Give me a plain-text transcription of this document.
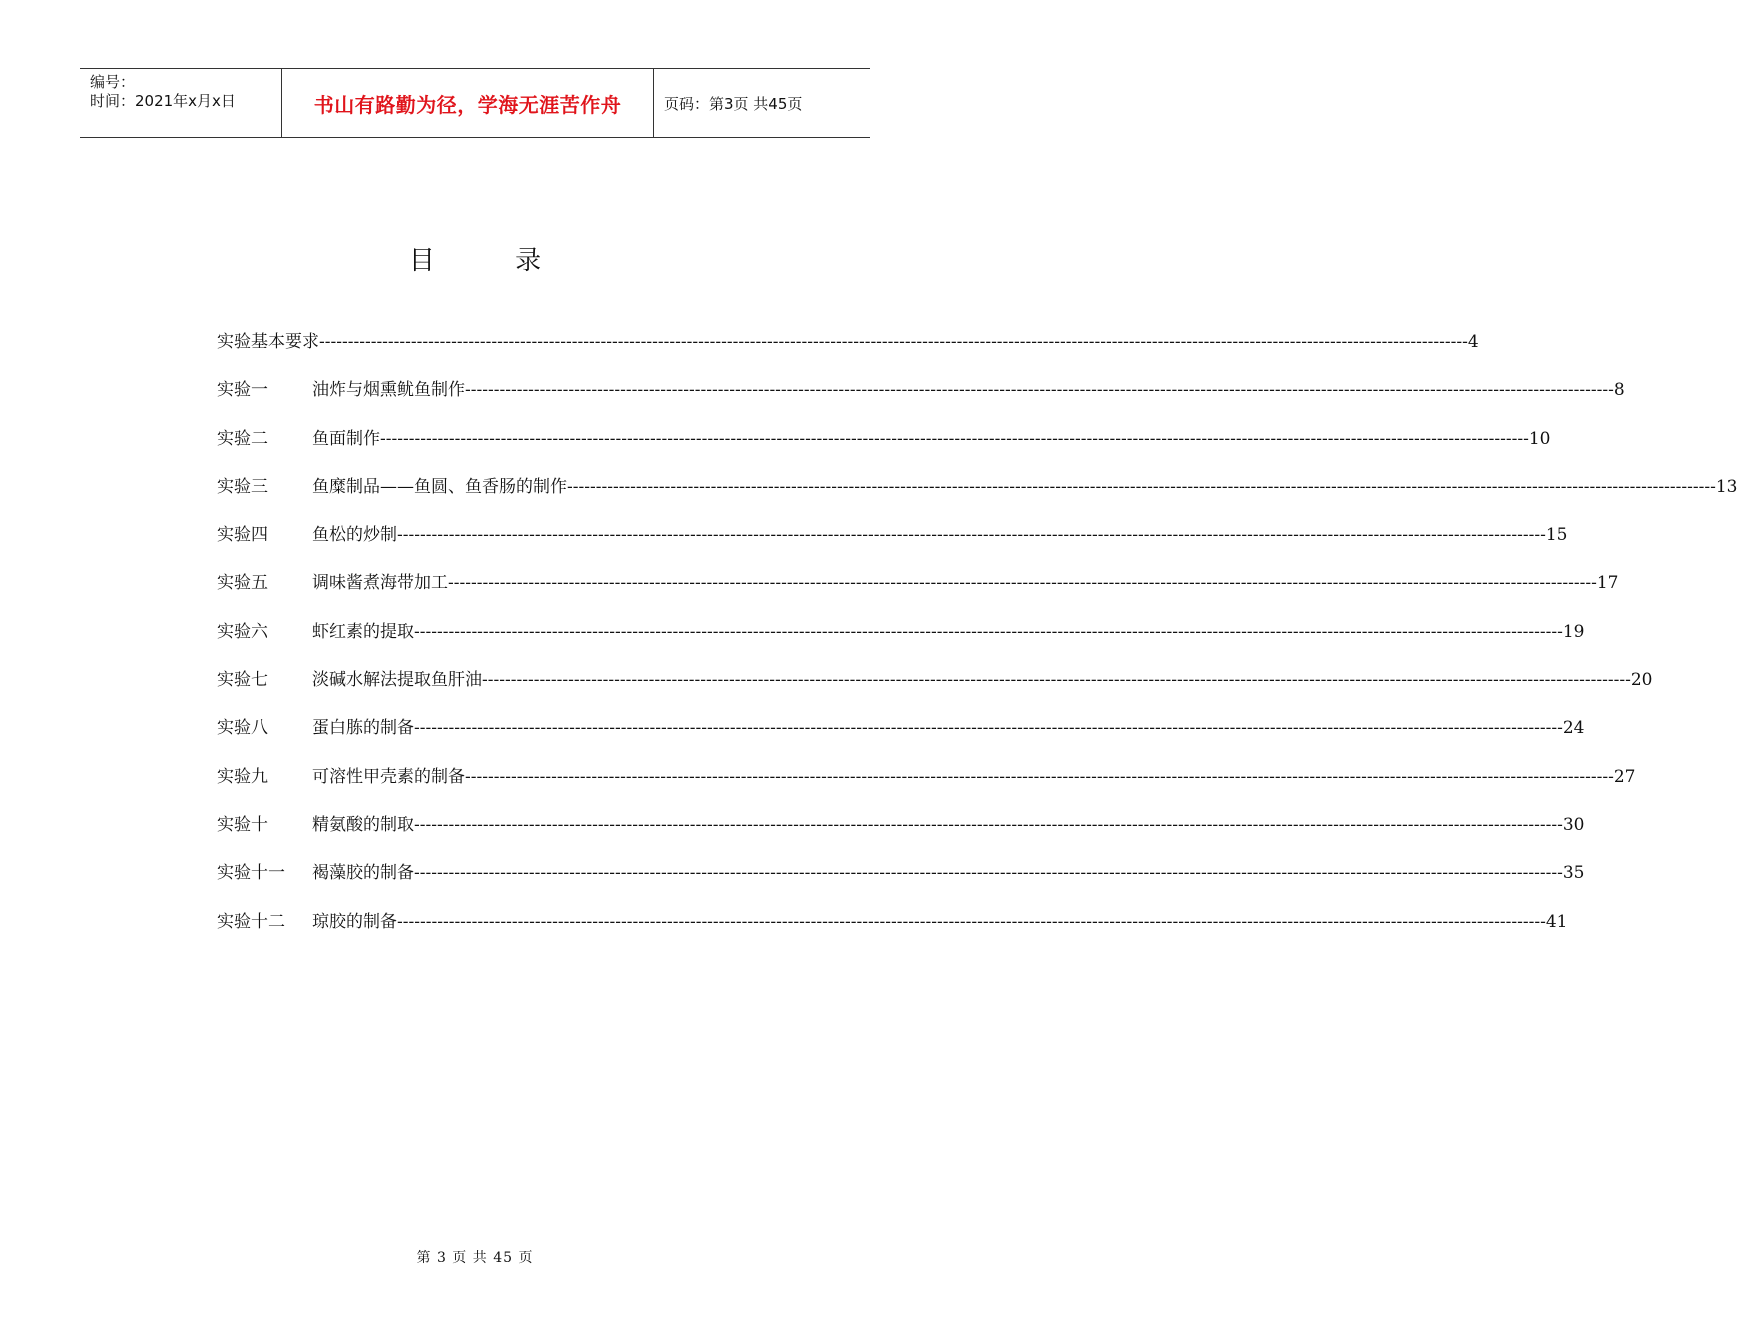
编号：
时间：2021年x月x日	书山有路勤为径，学海无涯苦作舟	页码：第3页 共45页
目 录
实验基本要求 -------------------------------------------------------------------------------------------------------------------------------------------------------------------------------------------------------- 4
实验一	油炸与烟熏鱿鱼制作 -------------------------------------------------------------------------------------------------------------------------------------------------------------------------------------------------------- 8
实验二	鱼面制作 -------------------------------------------------------------------------------------------------------------------------------------------------------------------------------------------------------- 10
实验三	鱼糜制品——鱼圆、鱼香肠的制作 -------------------------------------------------------------------------------------------------------------------------------------------------------------------------------------------------------- 13
实验四	鱼松的炒制 -------------------------------------------------------------------------------------------------------------------------------------------------------------------------------------------------------- 15
实验五	调味酱煮海带加工 -------------------------------------------------------------------------------------------------------------------------------------------------------------------------------------------------------- 17
实验六	虾红素的提取 -------------------------------------------------------------------------------------------------------------------------------------------------------------------------------------------------------- 19
实验七	淡碱水解法提取鱼肝油 -------------------------------------------------------------------------------------------------------------------------------------------------------------------------------------------------------- 20
实验八	蛋白胨的制备 -------------------------------------------------------------------------------------------------------------------------------------------------------------------------------------------------------- 24
实验九	可溶性甲壳素的制备 -------------------------------------------------------------------------------------------------------------------------------------------------------------------------------------------------------- 27
实验十	精氨酸的制取 -------------------------------------------------------------------------------------------------------------------------------------------------------------------------------------------------------- 30
实验十一	褐藻胶的制备 -------------------------------------------------------------------------------------------------------------------------------------------------------------------------------------------------------- 35
实验十二	琼胶的制备 -------------------------------------------------------------------------------------------------------------------------------------------------------------------------------------------------------- 41
第 3 页 共 45 页
